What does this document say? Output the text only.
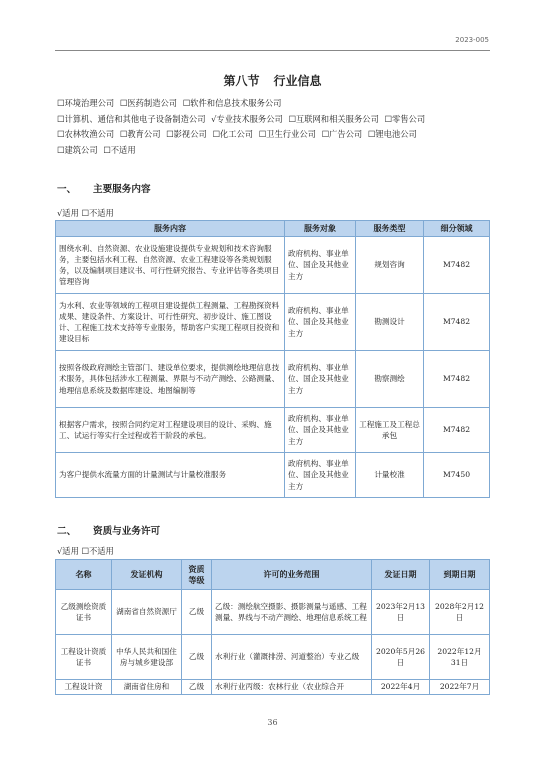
2023-005
第八节 行业信息
☐环境治理公司 ☐医药制造公司 ☐软件和信息技术服务公司
☐计算机、通信和其他电子设备制造公司 √专业技术服务公司 ☐互联网和相关服务公司 ☐零售公司
☐农林牧渔公司 ☐教育公司 ☐影视公司 ☐化工公司 ☐卫生行业公司 ☐广告公司 ☐锂电池公司
☐建筑公司 ☐不适用
一、 主要服务内容
√适用 ☐不适用
服务内容	服务对象	服务类型	细分领域
围绕水利、自然资源、农业设施建设提供专业规划和技术咨询服务，主要包括水利工程、自然资源、农业工程建设等各类规划服务，以及编制项目建议书、可行性研究报告、专业评估等各类项目管理咨询	政府机构、事业单位、国企及其他业主方	规划咨询	M7482
为水利、农业等领域的工程项目建设提供工程测量、工程勘探资料成果、建设条件、方案设计、可行性研究、初步设计、施工图设计、工程施工技术支持等专业服务，帮助客户实现工程项目投资和建设目标	政府机构、事业单位、国企及其他业主方	勘测设计	M7482
按照各级政府测绘主管部门、建设单位要求，提供测绘地理信息技术服务，具体包括涉水工程测量、界限与不动产测绘、公路测量、地理信息系统及数据库建设、地图编制等	政府机构、事业单位、国企及其他业主方	勘察测绘	M7482
根据客户需求，按照合同约定对工程建设项目的设计、采购、施工、试运行等实行全过程或若干阶段的承包。	政府机构、事业单位、国企及其他业主方	工程施工及工程总承包	M7482
为客户提供水流量方面的计量测试与计量校准服务	政府机构、事业单位、国企及其他业主方	计量校准	M7450
二、 资质与业务许可
√适用 ☐不适用
名称	发证机构	资质等级	许可的业务范围	发证日期	到期日期
乙级测绘资质证书	湖南省自然资源厅	乙级	乙级：测绘航空摄影、摄影测量与遥感、工程测量、界线与不动产测绘、地理信息系统工程	2023年2月13日	2028年2月12日
工程设计资质证书	中华人民共和国住房与城乡建设部	乙级	水利行业（灌溉排涝、河道整治）专业乙级	2020年5月26日	2022年12月31日
工程设计资	湖南省住房和	乙级	水利行业丙级：农林行业（农业综合开	2022年4月	2022年7月
36
